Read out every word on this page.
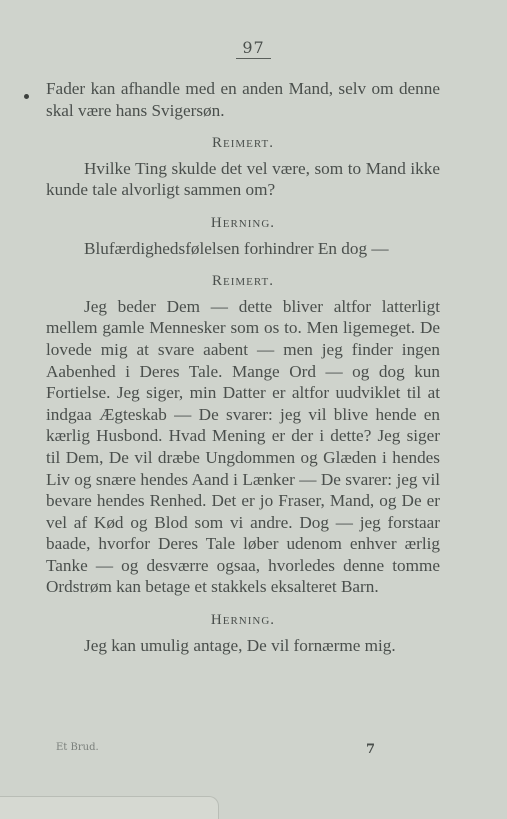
97

Fader kan afhandle med en anden Mand, selv om denne skal være hans Svigersøn.

Reimert.

Hvilke Ting skulde det vel være, som to Mand ikke kunde tale alvorligt sammen om?

Herning.

Blufærdighedsfølelsen forhindrer En dog —

Reimert.

Jeg beder Dem — dette bliver altfor latterligt mellem gamle Mennesker som os to. Men ligemeget. De lovede mig at svare aabent — men jeg finder ingen Aabenhed i Deres Tale. Mange Ord — og dog kun Fortielse. Jeg siger, min Datter er altfor uudviklet til at indgaa Ægteskab — De svarer: jeg vil blive hende en kærlig Husbond. Hvad Mening er der i dette? Jeg siger til Dem, De vil dræbe Ungdommen og Glæden i hendes Liv og snære hendes Aand i Lænker — De svarer: jeg vil bevare hendes Renhed. Det er jo Fraser, Mand, og De er vel af Kød og Blod som vi andre. Dog — jeg forstaar baade, hvorfor Deres Tale løber udenom enhver ærlig Tanke — og desværre ogsaa, hvorledes denne tomme Ordstrøm kan betage et stakkels eksalteret Barn.

Herning.

Jeg kan umulig antage, De vil fornærme mig.

Et Brud.	7
